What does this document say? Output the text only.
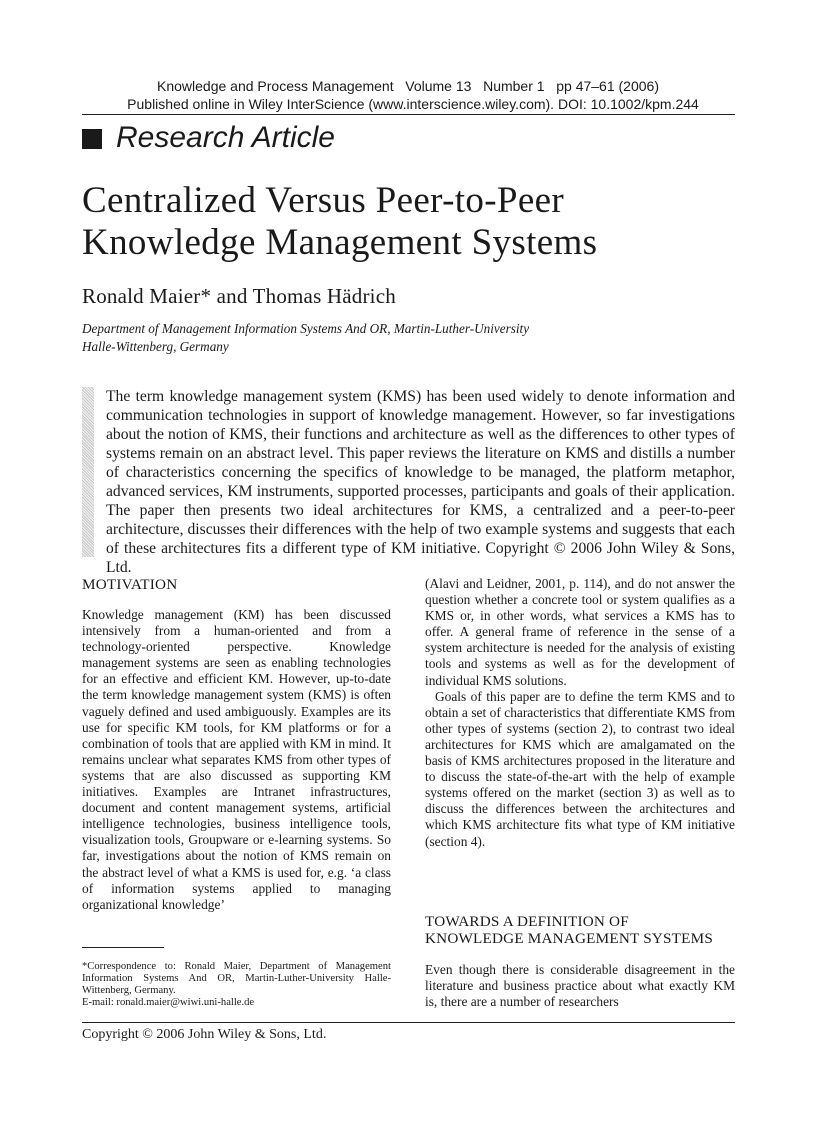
Knowledge and Process Management   Volume 13   Number 1   pp 47–61 (2006)
Published online in Wiley InterScience (www.interscience.wiley.com). DOI: 10.1002/kpm.244
Research Article
Centralized Versus Peer-to-Peer
Knowledge Management Systems
Ronald Maier* and Thomas Hädrich
Department of Management Information Systems And OR, Martin-Luther-University
Halle-Wittenberg, Germany

The term knowledge management system (KMS) has been used widely to denote information and communication technologies in support of knowledge management. However, so far investigations about the notion of KMS, their functions and architecture as well as the differences to other types of systems remain on an abstract level. This paper reviews the literature on KMS and distills a number of characteristics concerning the specifics of knowledge to be managed, the platform metaphor, advanced services, KM instruments, supported processes, participants and goals of their application. The paper then presents two ideal architectures for KMS, a centralized and a peer-to-peer architecture, discusses their differences with the help of two example systems and suggests that each of these architectures fits a different type of KM initiative. Copyright © 2006 John Wiley & Sons, Ltd.

MOTIVATION

Knowledge management (KM) has been discussed intensively from a human-oriented and from a technology-oriented perspective. Knowledge management systems are seen as enabling technologies for an effective and efficient KM. However, up-to-date the term knowledge management system (KMS) is often vaguely defined and used ambiguously. Examples are its use for specific KM tools, for KM platforms or for a combination of tools that are applied with KM in mind. It remains unclear what separates KMS from other types of systems that are also discussed as supporting KM initiatives. Examples are Intranet infrastructures, document and content management systems, artificial intelligence technologies, business intelligence tools, visualization tools, Groupware or e-learning systems. So far, investigations about the notion of KMS remain on the abstract level of what a KMS is used for, e.g. ‘a class of information systems applied to managing organizational knowledge’

(Alavi and Leidner, 2001, p. 114), and do not answer the question whether a concrete tool or system qualifies as a KMS or, in other words, what services a KMS has to offer. A general frame of reference in the sense of a system architecture is needed for the analysis of existing tools and systems as well as for the development of individual KMS solutions.

Goals of this paper are to define the term KMS and to obtain a set of characteristics that differentiate KMS from other types of systems (section 2), to contrast two ideal architectures for KMS which are amalgamated on the basis of KMS architectures proposed in the literature and to discuss the state-of-the-art with the help of example systems offered on the market (section 3) as well as to discuss the differences between the architectures and which KMS architecture fits what type of KM initiative (section 4).

*Correspondence to: Ronald Maier, Department of Management Information Systems And OR, Martin-Luther-University Halle-Wittenberg, Germany.

E-mail: ronald.maier@wiwi.uni-halle.de

TOWARDS A DEFINITION OF
KNOWLEDGE MANAGEMENT SYSTEMS

Even though there is considerable disagreement in the literature and business practice about what exactly KM is, there are a number of researchers

Copyright © 2006 John Wiley & Sons, Ltd.
